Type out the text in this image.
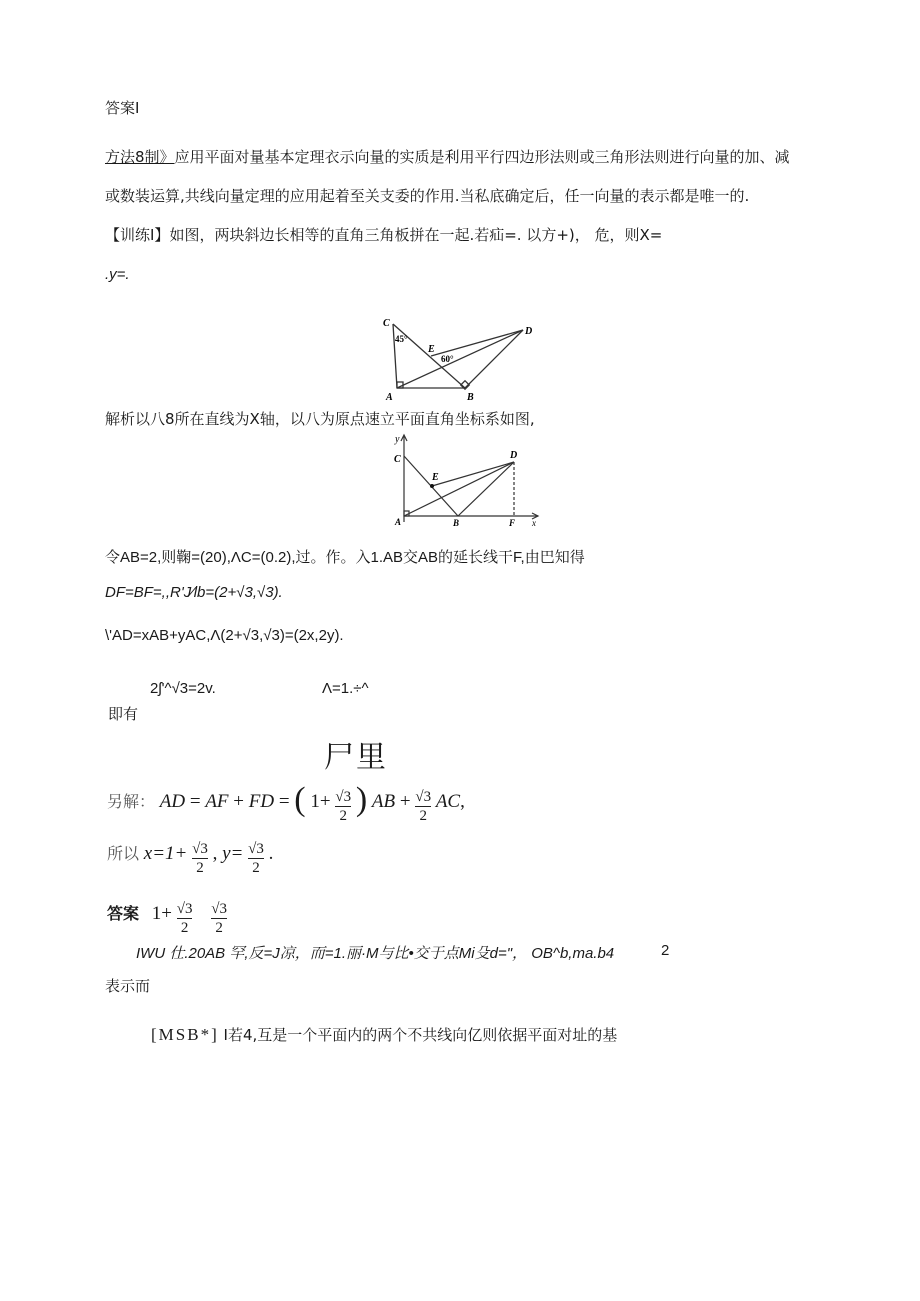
答案I
方法8制》应用平面对量基本定理衣示向量的实质是利用平行四边形法则或三角形法则进行向量的加、减
或数装运算,共线向量定理的应用起着至关支委的作用.当私底确定后，任一向量的表示都是唯一的.
【训练I】如图，两块斜边长相等的直角三角板拼在一起.若疝=. 以方+)， 危，则X=
.y=.
C
45°
E
60°
D
A	B
解析以八8所在直线为X轴，以八为原点速立平面直角坐标系如图,
y
C
E
D
A	B	F x
令AB=2,则鞠=(20),ΛC=(0.2),过。作。入1.AB交AB的延长线干F,由巴知得
DF=BF=,,R'J⁄lb=(2+√3,√3).
\'AD=xAB+yAC,Λ(2+√3,√3)=(2x,2y).
2ʃ'^√3=2v.	Λ=1.÷^
即有
尸里
$^{另解:}$ AD = AF + FD = ( $1+ \frac{√3}{2}$ ) AB + $\frac{√3}{2}$ AC,
$^{所以}$ $x=1+ \frac{√3}{2}$ , $y= \frac{√3}{2}$ .
$^{答案}$ $1+ \frac{√3}{2}$
$\frac{√3}{2}$
IWU 仕.20AB 罕,反=J凉，而=1.丽·M与比•交于点Mi殳d="， OB^b,ma.b4	2
表示而
[MSB*] I若4,互是一个平面内的两个不共线向亿则依据平面对址的基
